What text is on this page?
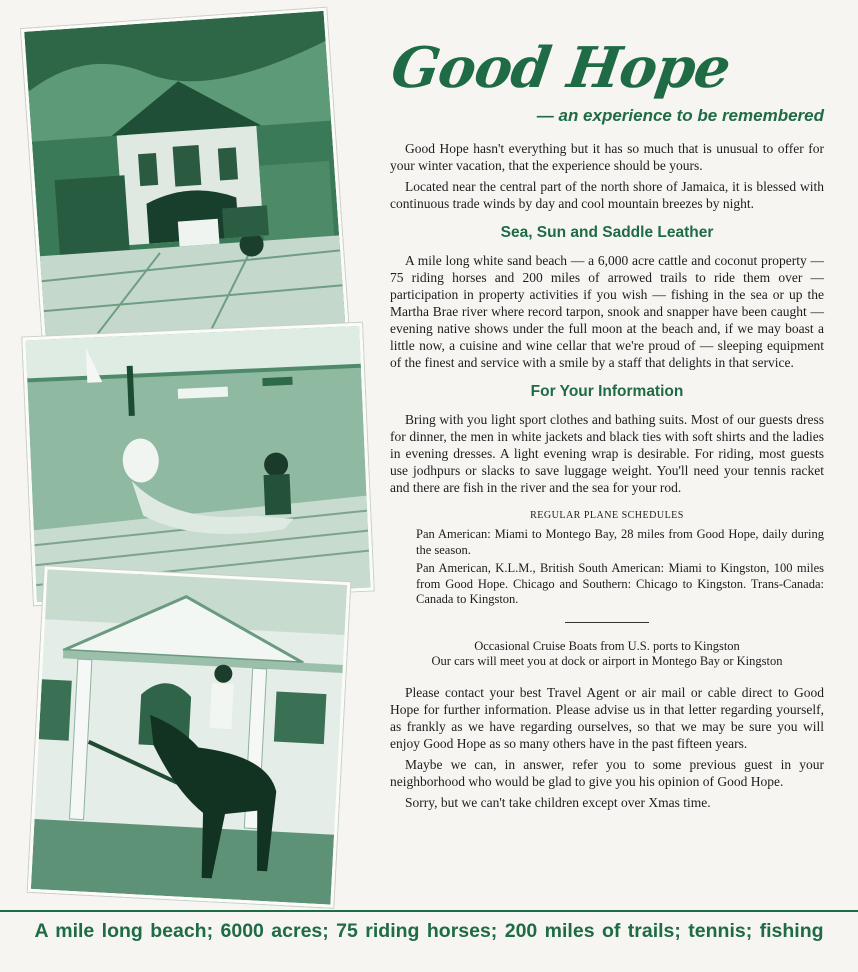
Good Hope
— an experience to be remembered

Good Hope hasn't everything but it has so much that is unusual to offer for your winter vacation, that the experience should be yours.

Located near the central part of the north shore of Jamaica, it is blessed with continuous trade winds by day and cool mountain breezes by night.

Sea, Sun and Saddle Leather

A mile long white sand beach — a 6,000 acre cattle and coconut property — 75 riding horses and 200 miles of arrowed trails to ride them over — participation in property activities if you wish — fishing in the sea or up the Martha Brae river where record tarpon, snook and snapper have been caught — evening native shows under the full moon at the beach and, if we may boast a little now, a cuisine and wine cellar that we're proud of — sleeping equipment of the finest and service with a smile by a staff that delights in that service.

For Your Information

Bring with you light sport clothes and bathing suits. Most of our guests dress for dinner, the men in white jackets and black ties with soft shirts and the ladies in evening dresses. A light evening wrap is desirable. For riding, most guests use jodhpurs or slacks to save luggage weight. You'll need your tennis racket and there are fish in the river and the sea for your rod.

REGULAR PLANE SCHEDULES

Pan American: Miami to Montego Bay, 28 miles from Good Hope, daily during the season.

Pan American, K.L.M., British South American: Miami to Kingston, 100 miles from Good Hope. Chicago and Southern: Chicago to Kingston. Trans-Canada: Canada to Kingston.

Occasional Cruise Boats from U.S. ports to Kingston
Our cars will meet you at dock or airport in Montego Bay or Kingston

Please contact your best Travel Agent or air mail or cable direct to Good Hope for further information. Please advise us in that letter regarding yourself, as frankly as we have regarding ourselves, so that we may be sure you will enjoy Good Hope as so many others have in the past fifteen years.

Maybe we can, in answer, refer you to some previous guest in your neighborhood who would be glad to give you his opinion of Good Hope.

Sorry, but we can't take children except over Xmas time.

A mile long beach; 6000 acres; 75 riding horses; 200 miles of trails; tennis; fishing
